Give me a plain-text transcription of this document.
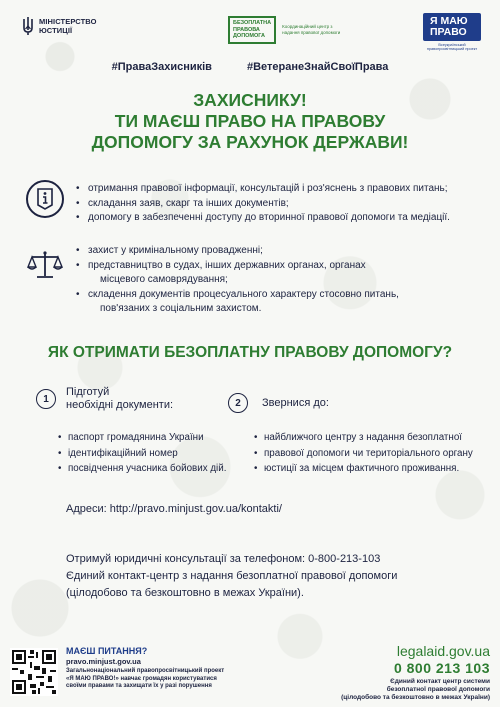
МІНІСТЕРСТВО
ЮСТИЦІЇ
БЕЗОПЛАТНА
ПРАВОВА
ДОПОМОГА
Координаційний центр з надання правової допомоги
Я МАЮ ПРАВО
Всеукраїнський правопросвітницький проект
#ПраваЗахисників	#ВетеранеЗнайСвоїПрава
ЗАХИСНИКУ!
ТИ МАЄШ ПРАВО НА ПРАВОВУ
ДОПОМОГУ ЗА РАХУНОК ДЕРЖАВИ!
• отримання правової інформації, консультацій і роз'яснень з правових питань;
• складання заяв, скарг та інших документів;
• допомогу в забезпеченні доступу до вторинної правової допомоги та медіації.
• захист у кримінальному провадженні;
• представництво в судах, інших державних органах, органах
місцевого самоврядування;
• складення документів процесуального характеру стосовно питань,
пов'язаних з соціальним захистом.
ЯК ОТРИМАТИ БЕЗОПЛАТНУ ПРАВОВУ ДОПОМОГУ?
1
Підготуй
необхідні документи:
• паспорт громадянина України
• ідентифікаційний номер
• посвідчення учасника бойових дій.
2	Звернися до:
• найближчого центру з надання безоплатної
• правової допомоги чи територіального органу
• юстиції за місцем фактичного проживання.
Адреси: http://pravo.minjust.gov.ua/kontakti/
Отримуй юридичні консультації за телефоном: 0-800-213-103
Єдиний контакт-центр з надання безоплатної правової допомоги
(цілодобово та безкоштовно в межах України).
МАЄШ ПИТАННЯ?
pravo.minjust.gov.ua
Загальнонаціональний правопросвітницький проект «Я МАЮ ПРАВО!» навчає громадян користуватися своїми правами та захищати їх у разі порушення
legalaid.gov.ua
0 800 213 103
Єдиний контакт центр системи
безоплатної правової допомоги
(цілодобово та безкоштовно в межах України)
